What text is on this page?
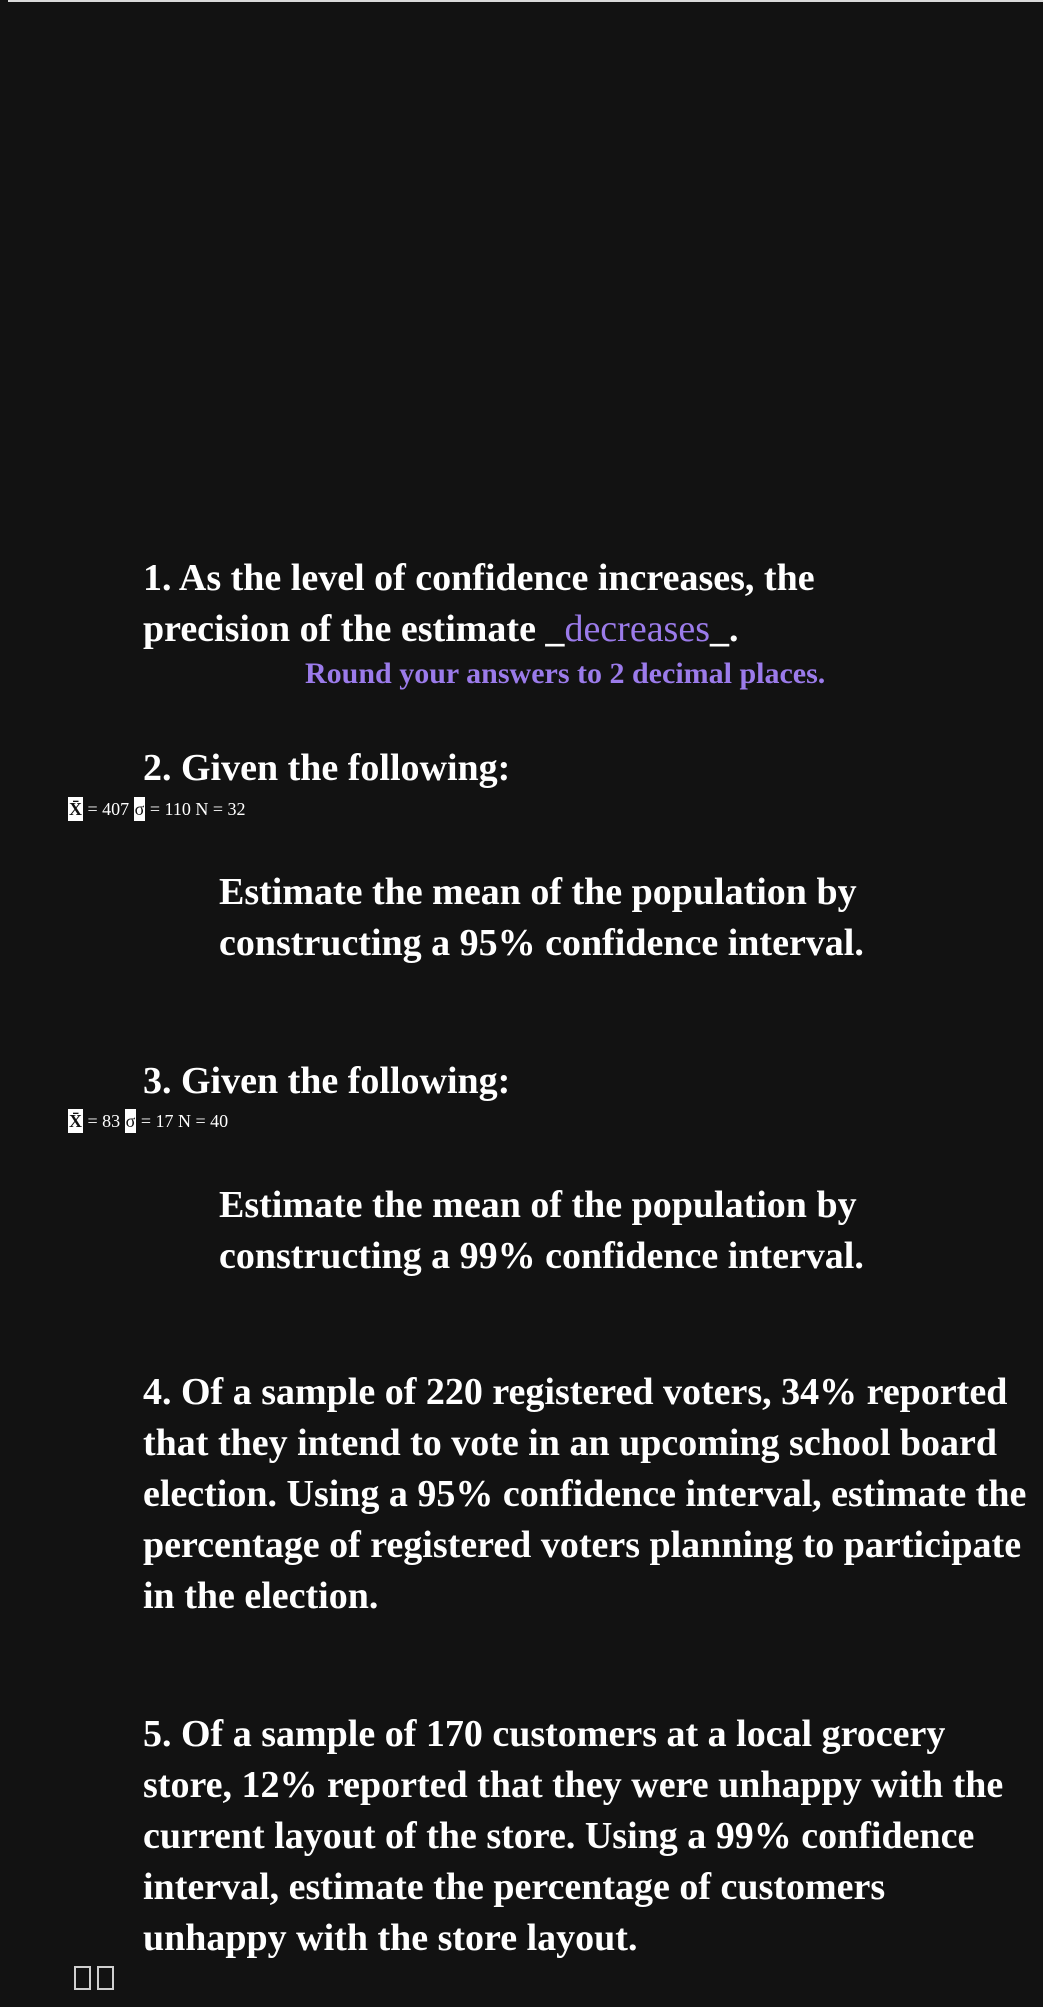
1. As the level of confidence increases, the precision of the estimate _decreases_.

Round your answers to 2 decimal places.

2. Given the following:

X̄ = 407 σ = 110 N = 32

Estimate the mean of the population by constructing a 95% confidence interval.

3. Given the following:

X̄ = 83 σ = 17 N = 40

Estimate the mean of the population by constructing a 99% confidence interval.

4. Of a sample of 220 registered voters, 34% reported that they intend to vote in an upcoming school board election. Using a 95% confidence interval, estimate the percentage of registered voters planning to participate in the election.

5. Of a sample of 170 customers at a local grocery store, 12% reported that they were unhappy with the current layout of the store. Using a 99% confidence interval, estimate the percentage of customers unhappy with the store layout.
